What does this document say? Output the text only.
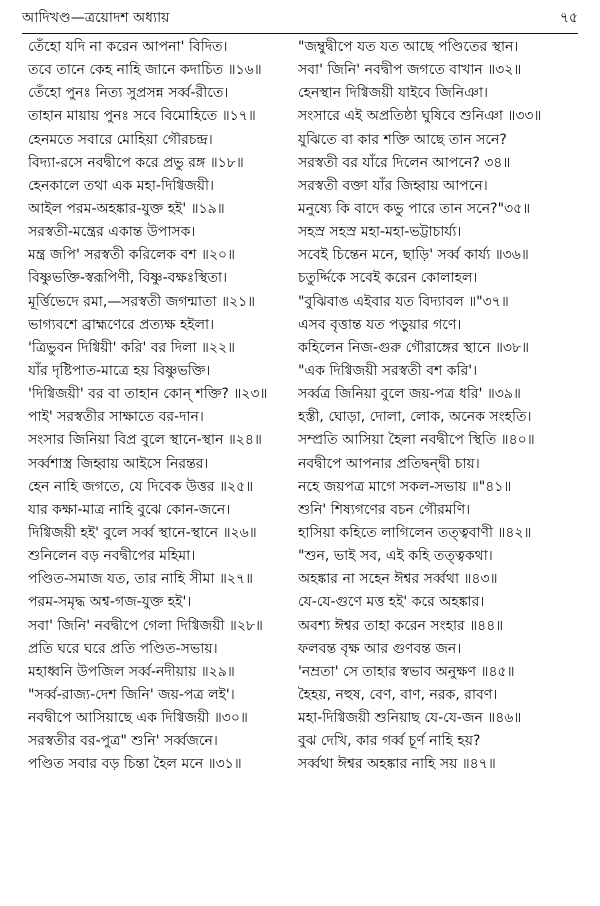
আদিখণ্ড—ত্রয়োদশ অধ্যায়	৭৫
তেঁহো যদি না করেন আপনা' বিদিত।
তবে তানে কেহ নাহি জানে কদাচিত ॥১৬॥
তেঁহো পুনঃ নিত্য সুপ্রসন্ন সর্ব্ব-রীতে।
তাহান মায়ায় পুনঃ সবে বিমোহিতে ॥১৭॥
হেনমতে সবারে মোহিয়া গৌরচন্দ্র।
বিদ্যা-রসে নবদ্বীপে করে প্রভু রঙ্গ ॥১৮॥
হেনকালে তথা এক মহা-দিগ্বিজয়ী।
আইল পরম-অহঙ্কার-যুক্ত হই' ॥১৯॥
সরস্বতী-মন্ত্রের একান্ত উপাসক।
মন্ত্র জপি' সরস্বতী করিলেক বশ ॥২০॥
বিষ্ণুভক্তি-স্বরূপিণী, বিষ্ণু-বক্ষঃস্থিতা।
মূর্ত্তিভেদে রমা,—সরস্বতী জগন্মাতা ॥২১॥
ভাগ্যবশে ব্রাহ্মণেরে প্রত্যক্ষ হইলা।
'ত্রিভুবন দিগ্বিয়ী' করি' বর দিলা ॥২২॥
যাঁর দৃষ্টিপাত-মাত্রে হয় বিষ্ণুভক্তি।
'দিগ্বিজয়ী' বর বা তাহান কোন্ শক্তি? ॥২৩॥
পাই' সরস্বতীর সাক্ষাতে বর-দান।
সংসার জিনিয়া বিপ্র বুলে স্থানে-স্থান ॥২৪॥
সর্ব্বশাস্ত্র জিহ্বায় আইসে নিরন্তর।
হেন নাহি জগতে, যে দিবেক উত্তর ॥২৫॥
যার কক্ষা-মাত্র নাহি বুঝে কোন-জনে।
দিগ্বিজয়ী হই' বুলে সর্ব্ব স্থানে-স্থানে ॥২৬॥
শুনিলেন বড় নবদ্বীপের মহিমা।
পণ্ডিত-সমাজ যত, তার নাহি সীমা ॥২৭॥
পরম-সমৃদ্ধ অশ্ব-গজ-যুক্ত হই'।
সবা' জিনি' নবদ্বীপে গেলা দিগ্বিজয়ী ॥২৮॥
প্রতি ঘরে ঘরে প্রতি পণ্ডিত-সভায়।
মহাধ্বনি উপজিল সর্ব্ব-নদীয়ায় ॥২৯॥
"সর্ব্ব-রাজ্য-দেশ জিনি' জয়-পত্র লই'।
নবদ্বীপে আসিয়াছে এক দিগ্বিজয়ী ॥৩০॥
সরস্বতীর বর-পুত্র" শুনি' সর্ব্বজনে।
পণ্ডিত সবার বড় চিন্তা হৈল মনে ॥৩১॥
"জম্বুদ্বীপে যত যত আছে পণ্ডিতের স্থান।
সবা' জিনি' নবদ্বীপ জগতে বাখান ॥৩২॥
হেনস্থান দিগ্বিজয়ী যাইবে জিনিঞা।
সংসারে এই অপ্রতিষ্ঠা ঘুষিবে শুনিঞা ॥৩৩॥
যুঝিতে বা কার শক্তি আছে তান সনে?
সরস্বতী বর যাঁরে দিলেন আপনে? ৩৪॥
সরস্বতী বক্তা যাঁর জিহ্বায় আপনে।
মনুষ্যে কি বাদে কভু পারে তান সনে?"৩৫॥
সহস্র সহস্র মহা-মহা-ভট্টাচার্য্য।
সবেই চিন্তেন মনে, ছাড়ি' সর্ব্ব কার্য্য ॥৩৬॥
চতুর্দ্দিকে সবেই করেন কোলাহল।
"বুঝিবাঙ এইবার যত বিদ্যাবল ॥"৩৭॥
এসব বৃত্তান্ত যত পড়ুয়ার গণে।
কহিলেন নিজ-গুরু গৌরাঙ্গের স্থানে ॥৩৮॥
"এক দিগ্বিজয়ী সরস্বতী বশ করি'।
সর্ব্বত্র জিনিয়া বুলে জয়-পত্র ধরি' ॥৩৯॥
হস্তী, ঘোড়া, দোলা, লোক, অনেক সংহতি।
সম্প্রতি আসিয়া হৈলা নবদ্বীপে স্থিতি ॥৪০॥
নবদ্বীপে আপনার প্রতিদ্বন্দ্বী চায়।
নহে জয়পত্র মাগে সকল-সভায় ॥"৪১॥
শুনি' শিষ্যগণের বচন গৌরমণি।
হাসিয়া কহিতে লাগিলেন তত্ত্ববাণী ॥৪২॥
"শুন, ভাই সব, এই কহি তত্ত্বকথা।
অহঙ্কার না সহেন ঈশ্বর সর্ব্বথা ॥৪৩॥
যে-যে-গুণে মত্ত হই' করে অহঙ্কার।
অবশ্য ঈশ্বর তাহা করেন সংহার ॥৪৪॥
ফলবন্ত বৃক্ষ আর গুণবন্ত জন।
'নম্রতা' সে তাহার স্বভাব অনুক্ষণ ॥৪৫॥
হৈহয়, নহুষ, বেণ, বাণ, নরক, রাবণ।
মহা-দিগ্বিজয়ী শুনিয়াছ যে-যে-জন ॥৪৬॥
বুঝ দেখি, কার গর্ব্ব চূর্ণ নাহি হয়?
সর্ব্বথা ঈশ্বর অহঙ্কার নাহি সয় ॥৪৭॥
